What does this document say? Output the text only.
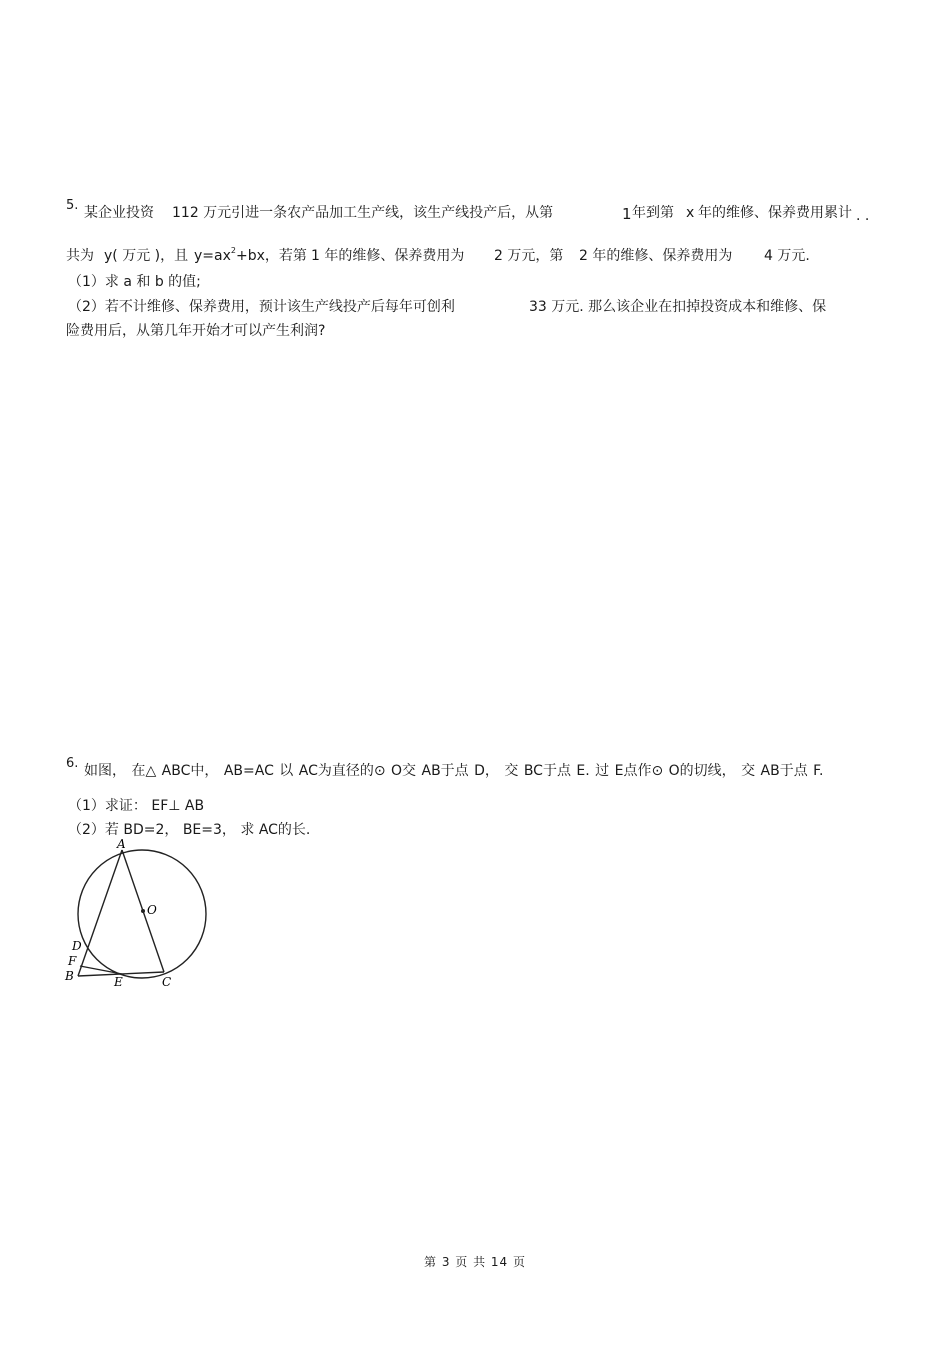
5. 某企业投资 112 万元引进一条农产品加工生产线，该生产线投产后，从第	1 年到第 x 年的维修、保养费用累计 . .
共为 y( 万元 )，且 $y=ax^2+bx$，若第 1 年的维修、保养费用为 2 万元，第 2 年的维修、保养费用为 4 万元.
（1）求 a 和 b 的值;
（2）若不计维修、保养费用，预计该生产线投产后每年可创利	33 万元. 那么该企业在扣掉投资成本和维修、保
险费用后，从第几年开始才可以产生利润?
6. 如图， 在△ ABC中， AB=AC 以 AC为直径的⊙ O交 AB于点 D， 交 BC于点 E. 过 E点作⊙ O的切线， 交 AB于点 F.
（1）求证： EF⊥ AB
（2）若 BD=2， BE=3， 求 AC的长.
A
O
D
F
B	E	C
第 3 页 共 14 页
